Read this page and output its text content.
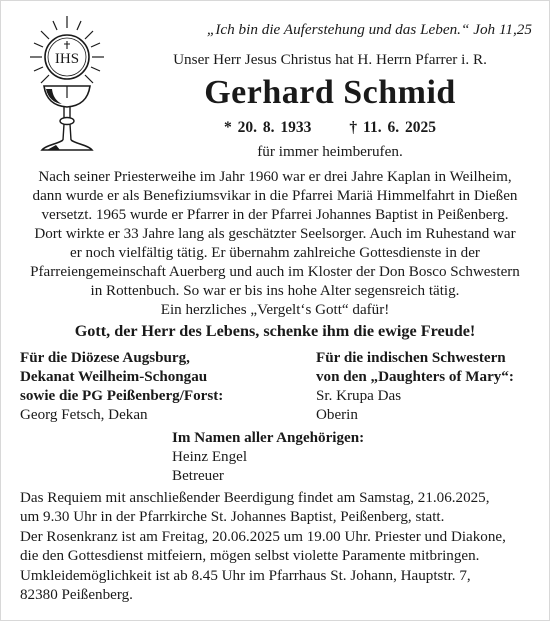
IHS
„Ich bin die Auferstehung und das Leben.“ Joh 11,25
Unser Herr Jesus Christus hat H. Herrn Pfarrer i. R.
Gerhard Schmid
* 20. 8. 1933 † 11. 6. 2025
für immer heimberufen.
Nach seiner Priesterweihe im Jahr 1960 war er drei Jahre Kaplan in Weilheim,
dann wurde er als Benefiziumsvikar in die Pfarrei Mariä Himmelfahrt in Dießen
versetzt. 1965 wurde er Pfarrer in der Pfarrei Johannes Baptist in Peißenberg.
Dort wirkte er 33 Jahre lang als geschätzter Seelsorger. Auch im Ruhestand war
er noch vielfältig tätig. Er übernahm zahlreiche Gottesdienste in der
Pfarreiengemeinschaft Auerberg und auch im Kloster der Don Bosco Schwestern
in Rottenbuch. So war er bis ins hohe Alter segensreich tätig.
Ein herzliches „Vergelt‘s Gott“ dafür!
Gott, der Herr des Lebens, schenke ihm die ewige Freude!
Für die Diözese Augsburg,
Dekanat Weilheim-Schongau
sowie die PG Peißenberg/Forst:
Georg Fetsch, Dekan
Für die indischen Schwestern
von den „Daughters of Mary“:
Sr. Krupa Das
Oberin
Im Namen aller Angehörigen:
Heinz Engel
Betreuer
Das Requiem mit anschließender Beerdigung findet am Samstag, 21.06.2025,
um 9.30 Uhr in der Pfarrkirche St. Johannes Baptist, Peißenberg, statt.
Der Rosenkranz ist am Freitag, 20.06.2025 um 19.00 Uhr. Priester und Diakone,
die den Gottesdienst mitfeiern, mögen selbst violette Paramente mitbringen.
Umkleidemöglichkeit ist ab 8.45 Uhr im Pfarrhaus St. Johann, Hauptstr. 7,
82380 Peißenberg.
